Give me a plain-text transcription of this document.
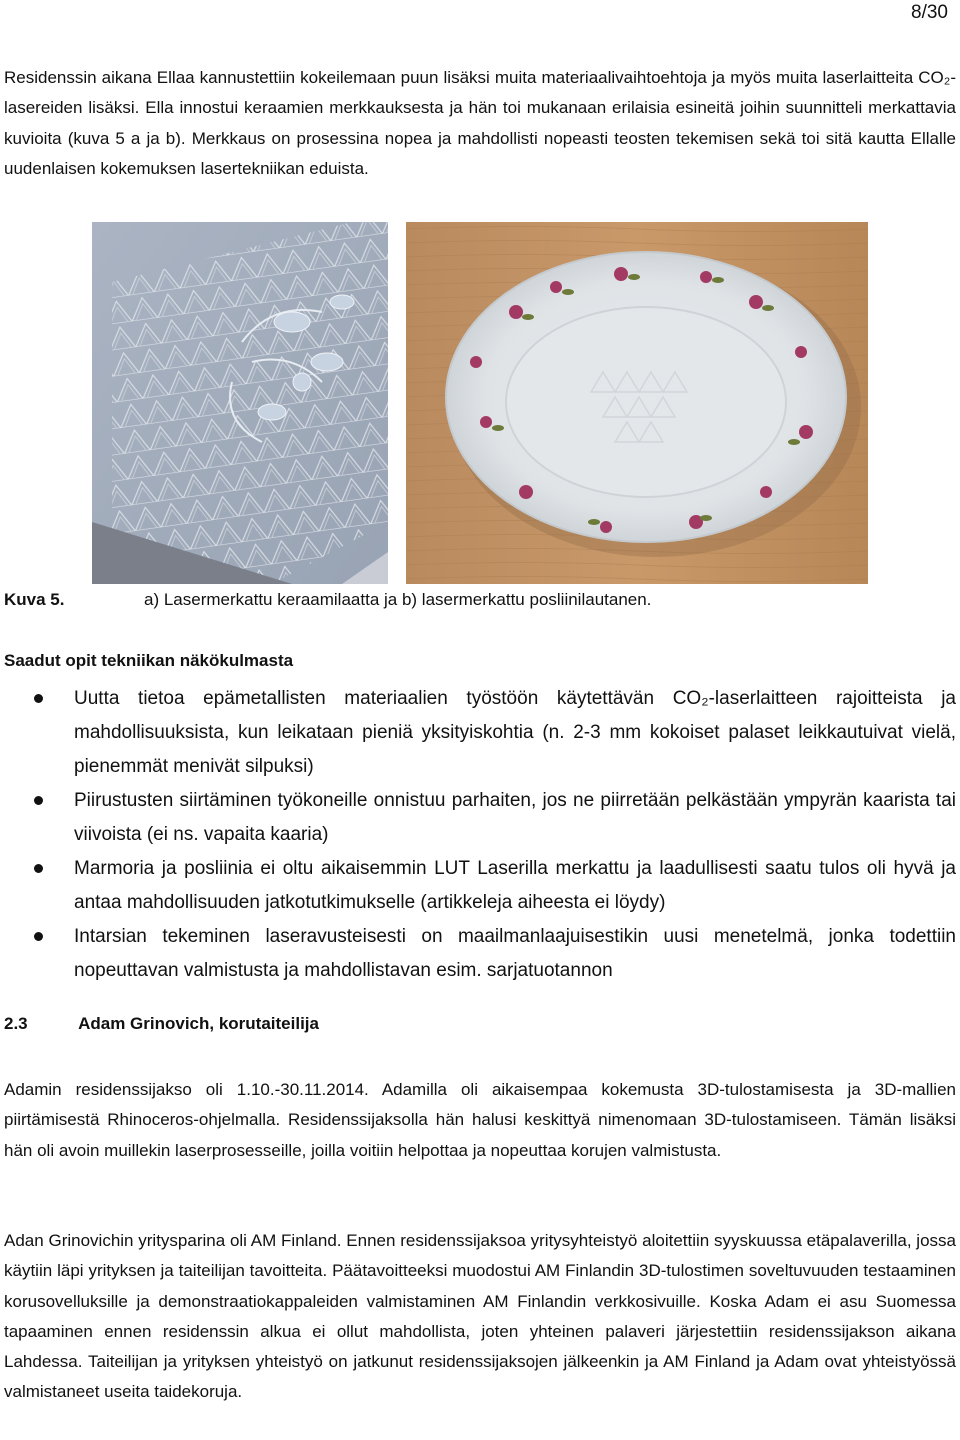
8/30

Residenssin aikana Ellaa kannustettiin kokeilemaan puun lisäksi muita materiaalivaihtoehtoja ja myös muita laserlaitteita CO₂-lasereiden lisäksi. Ella innostui keraamien merkkauksesta ja hän toi mukanaan erilaisia esineitä joihin suunnitteli merkattavia kuvioita (kuva 5 a ja b). Merkkaus on prosessina nopea ja mahdollisti nopeasti teosten tekemisen sekä toi sitä kautta Ellalle uudenlaisen kokemuksen lasertekniikan eduista.

Kuva 5.	a) Lasermerkattu keraamilaatta ja b) lasermerkattu posliinilautanen.
Saadut opit tekniikan näkökulmasta
Uutta tietoa epämetallisten materiaalien työstöön käytettävän CO₂-laserlaitteen rajoitteista ja mahdollisuuksista, kun leikataan pieniä yksityiskohtia (n. 2-3 mm kokoiset palaset leikkautuivat vielä, pienemmät menivät silpuksi)
Piirustusten siirtäminen työkoneille onnistuu parhaiten, jos ne piirretään pelkästään ympyrän kaarista tai viivoista (ei ns. vapaita kaaria)
Marmoria ja posliinia ei oltu aikaisemmin LUT Laserilla merkattu ja laadullisesti saatu tulos oli hyvä ja antaa mahdollisuuden jatkotutkimukselle (artikkeleja aiheesta ei löydy)
Intarsian tekeminen laseravusteisesti on maailmanlaajuisestikin uusi menetelmä, jonka todettiin nopeuttavan valmistusta ja mahdollistavan esim. sarjatuotannon
2.3	Adam Grinovich, korutaiteilija

Adamin residenssijakso oli 1.10.-30.11.2014. Adamilla oli aikaisempaa kokemusta 3D-tulostamisesta ja 3D-mallien piirtämisestä Rhinoceros-ohjelmalla. Residenssijaksolla hän halusi keskittyä nimenomaan 3D-tulostamiseen. Tämän lisäksi hän oli avoin muillekin laserprosesseille, joilla voitiin helpottaa ja nopeuttaa korujen valmistusta.

Adan Grinovichin yritysparina oli AM Finland. Ennen residenssijaksoa yritysyhteistyö aloitettiin syyskuussa etäpalaverilla, jossa käytiin läpi yrityksen ja taiteilijan tavoitteita. Päätavoitteeksi muodostui AM Finlandin 3D-tulostimen soveltuvuuden testaaminen korusovelluksille ja demonstraatiokappaleiden valmistaminen AM Finlandin verkkosivuille. Koska Adam ei asu Suomessa tapaaminen ennen residenssin alkua ei ollut mahdollista, joten yhteinen palaveri järjestettiin residenssijakson aikana Lahdessa. Taiteilijan ja yrityksen yhteistyö on jatkunut residenssijaksojen jälkeenkin ja AM Finland ja Adam ovat yhteistyössä valmistaneet useita taidekoruja.
